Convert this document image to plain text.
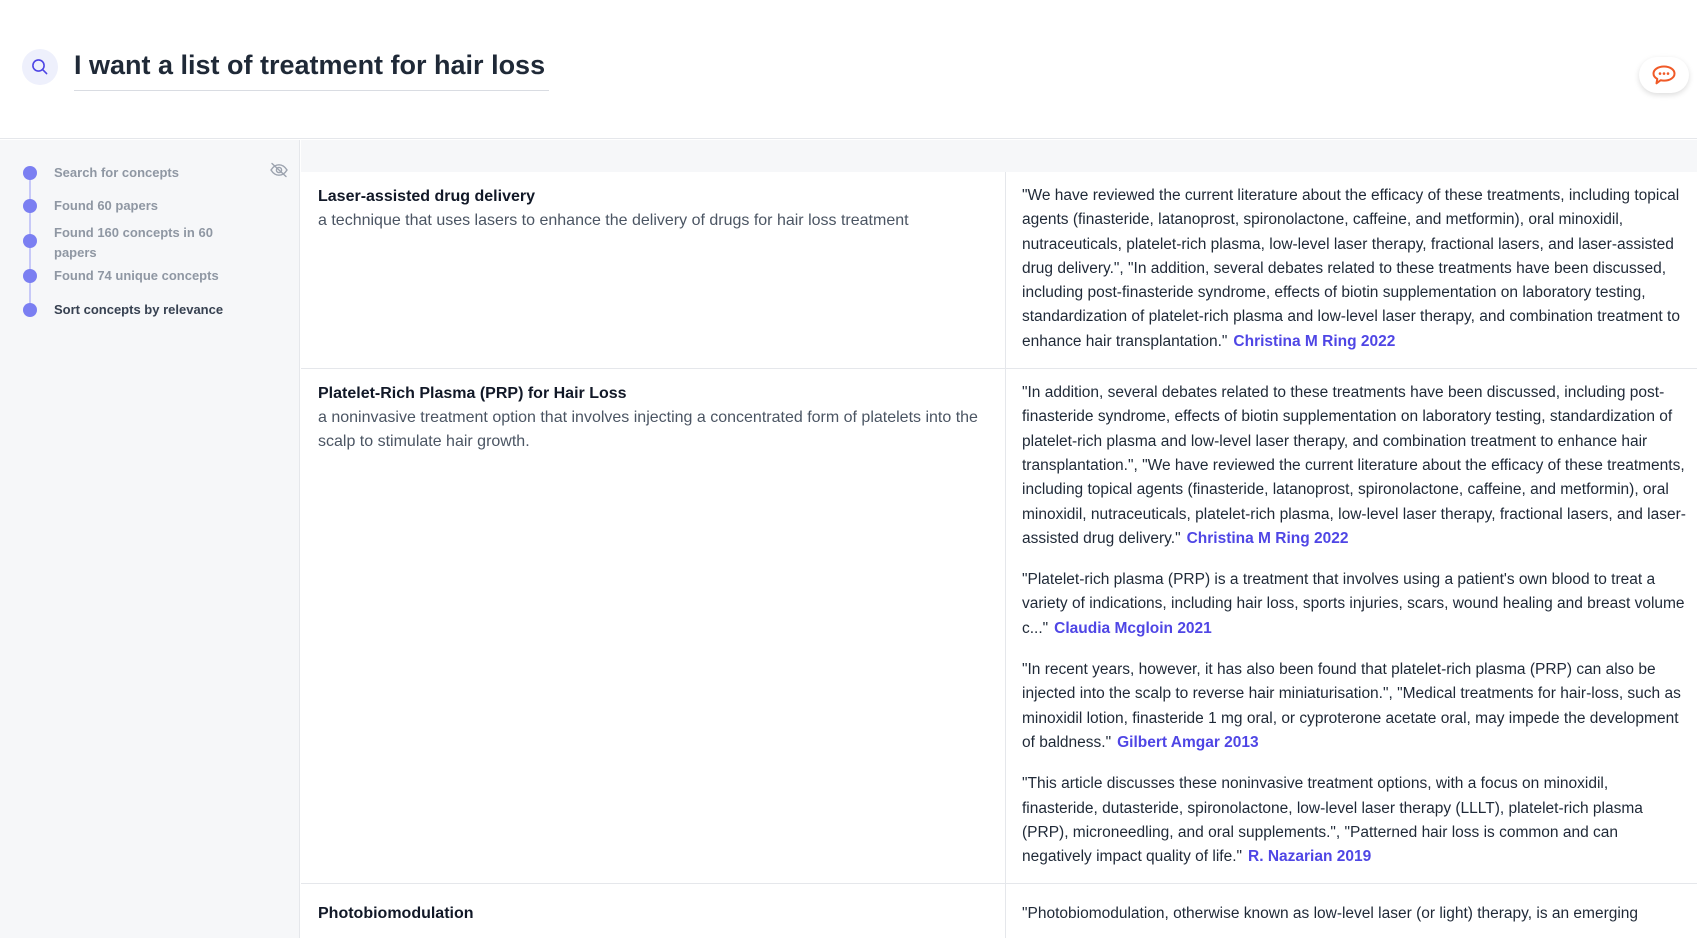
I want a list of treatment for hair loss
Search for concepts
Found 60 papers
Found 160 concepts in 60 papers
Found 74 unique concepts
Sort concepts by relevance
Laser-assisted drug delivery
a technique that uses lasers to enhance the delivery of drugs for hair loss treatment
"We have reviewed the current literature about the efficacy of these treatments, including topical agents (finasteride, latanoprost, spironolactone, caffeine, and metformin), oral minoxidil, nutraceuticals, platelet-rich plasma, low-level laser therapy, fractional lasers, and laser-assisted drug delivery.", "In addition, several debates related to these treatments have been discussed, including post-finasteride syndrome, effects of biotin supplementation on laboratory testing, standardization of platelet-rich plasma and low-level laser therapy, and combination treatment to enhance hair transplantation." Christina M Ring 2022
Platelet-Rich Plasma (PRP) for Hair Loss
a noninvasive treatment option that involves injecting a concentrated form of platelets into the scalp to stimulate hair growth.
"In addition, several debates related to these treatments have been discussed, including post-finasteride syndrome, effects of biotin supplementation on laboratory testing, standardization of platelet-rich plasma and low-level laser therapy, and combination treatment to enhance hair transplantation.", "We have reviewed the current literature about the efficacy of these treatments, including topical agents (finasteride, latanoprost, spironolactone, caffeine, and metformin), oral minoxidil, nutraceuticals, platelet-rich plasma, low-level laser therapy, fractional lasers, and laser-assisted drug delivery." Christina M Ring 2022
"Platelet-rich plasma (PRP) is a treatment that involves using a patient's own blood to treat a variety of indications, including hair loss, sports injuries, scars, wound healing and breast volume c..." Claudia Mcgloin 2021
"In recent years, however, it has also been found that platelet-rich plasma (PRP) can also be injected into the scalp to reverse hair miniaturisation.", "Medical treatments for hair-loss, such as minoxidil lotion, finasteride 1 mg oral, or cyproterone acetate oral, may impede the development of baldness." Gilbert Amgar 2013
"This article discusses these noninvasive treatment options, with a focus on minoxidil, finasteride, dutasteride, spironolactone, low-level laser therapy (LLLT), platelet-rich plasma (PRP), microneedling, and oral supplements.", "Patterned hair loss is common and can negatively impact quality of life." R. Nazarian 2019
Photobiomodulation	"Photobiomodulation, otherwise known as low-level laser (or light) therapy, is an emerging
